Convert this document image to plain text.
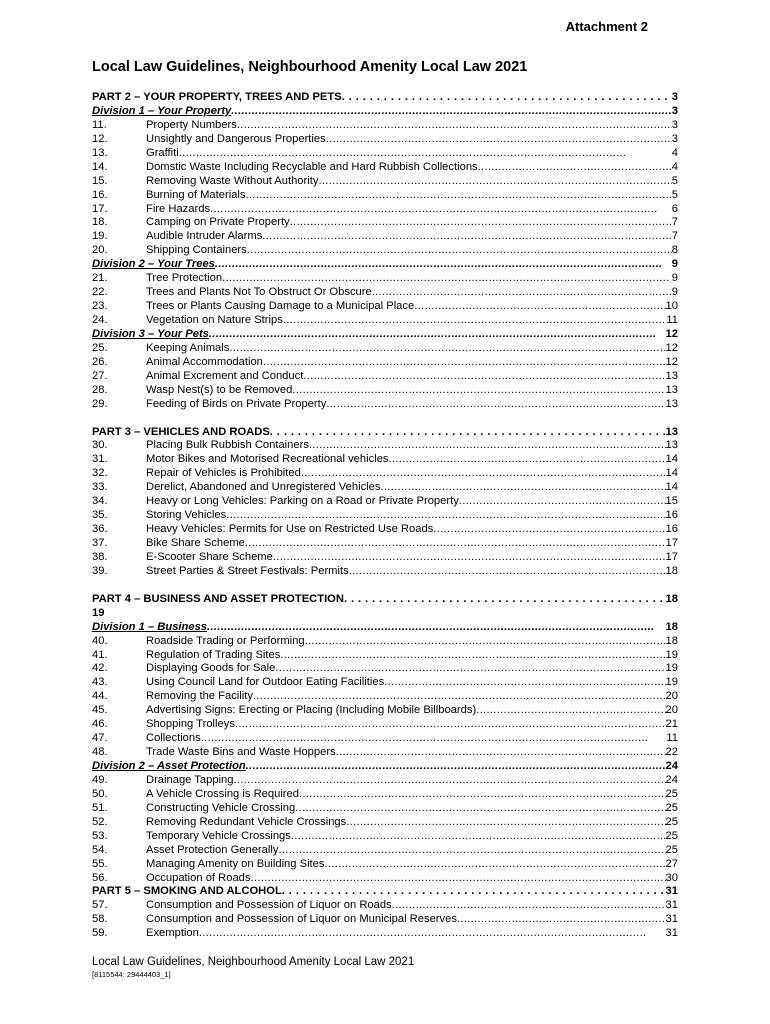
Attachment 2
Local Law Guidelines, Neighbourhood Amenity Local Law 2021
PART 2 – YOUR PROPERTY, TREES AND PETS . . .	3
Division 1 – Your Property . . .	3
11.	Property Numbers . . .	3
12.	Unsightly and Dangerous Properties . . .	3
13.	Graffiti . . .	4
14.	Domstic Waste Including Recyclable and Hard Rubbish Collections . . .	4
15.	Removing Waste Without Authority . . .	5
16.	Burning of Materials . . .	5
17.	Fire Hazards . . .	6
18.	Camping on Private Property . . .	7
19.	Audible Intruder Alarms . . .	7
20.	Shipping Containers . . .	8
Division 2 – Your Trees . . .	9
21.	Tree Protection . . .	9
22.	Trees and Plants Not To Obstruct Or Obscure . . .	9
23.	Trees or Plants Causing Damage to a Municipal Place . . .	10
24.	Vegetation on Nature Strips . . .	11
Division 3 – Your Pets . . .	12
25.	Keeping Animals . . .	12
26.	Animal Accommodation . . .	12
27.	Animal Excrement and Conduct . . .	13
28.	Wasp Nest(s) to be Removed . . .	13
29.	Feeding of Birds on Private Property . . .	13
PART 3 – VEHICLES AND ROADS . . .	13
30.	Placing Bulk Rubbish Containers . . .	13
31.	Motor Bikes and Motorised Recreational vehicles . . .	14
32.	Repair of Vehicles is Prohibited . . .	14
33.	Derelict, Abandoned and Unregistered Vehicles . . .	14
34.	Heavy or Long Vehicles: Parking on a Road or Private Property . . .	15
35.	Storing Vehicles . . .	16
36.	Heavy Vehicles: Permits for Use on Restricted Use Roads . . .	16
37.	Bike Share Scheme . . .	17
38.	E-Scooter Share Scheme . . .	17
39.	Street Parties & Street Festivals: Permits . . .	18
PART 4 – BUSINESS AND ASSET PROTECTION . . .	18
19
Division 1 – Business . . .	18
40.	Roadside Trading or Performing . . .	18
41.	Regulation of Trading Sites . . .	19
42.	Displaying Goods for Sale . . .	19
43.	Using Council Land for Outdoor Eating Facilities . . .	19
44.	Removing the Facility . . .	20
45.	Advertising Signs: Erecting or Placing (Including Mobile Billboards) . . .	20
46.	Shopping Trolleys . . .	21
47.	Collections . . .	11
48.	Trade Waste Bins and Waste Hoppers . . .	22
Division 2 – Asset Protection . . .	24
49.	Drainage Tapping . . .	24
50.	A Vehicle Crossing is Required . . .	25
51.	Constructing Vehicle Crossing . . .	25
52.	Removing Redundant Vehicle Crossings . . .	25
53.	Temporary Vehicle Crossings . . .	25
54.	Asset Protection Generally . . .	25
55.	Managing Amenity on Building Sites . . .	27
56.	Occupation of Roads . . .	30
PART 5 – SMOKING AND ALCOHOL . . .	31
57.	Consumption and Possession of Liquor on Roads . . .	31
58.	Consumption and Possession of Liquor on Municipal Reserves . . .	31
59.	Exemption . . .	31
Local Law Guidelines, Neighbourhood Amenity Local Law 2021
[8115544: 29444403_1]
